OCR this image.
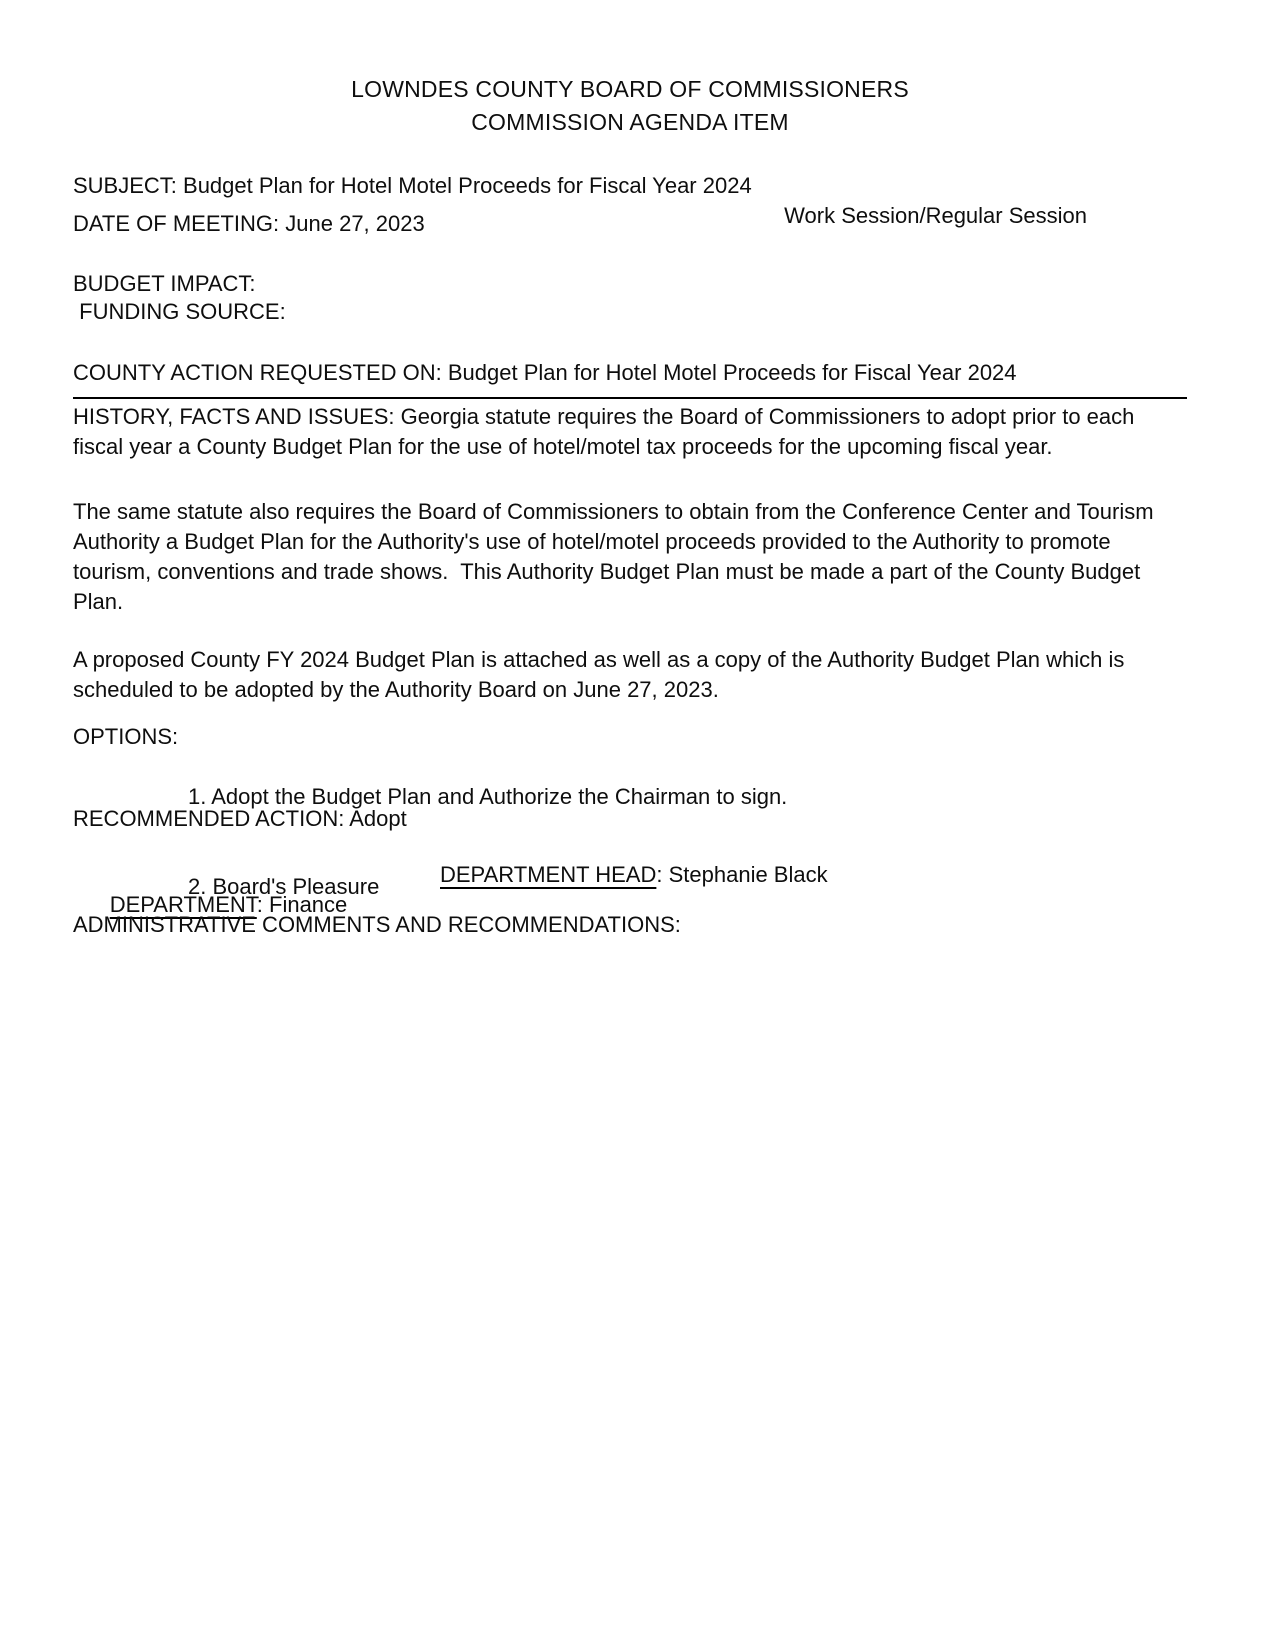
LOWNDES COUNTY BOARD OF COMMISSIONERS
COMMISSION AGENDA ITEM
SUBJECT: Budget Plan for Hotel Motel Proceeds for Fiscal Year 2024
DATE OF MEETING: June 27, 2023	Work Session/Regular Session
BUDGET IMPACT:
FUNDING SOURCE:
COUNTY ACTION REQUESTED ON: Budget Plan for Hotel Motel Proceeds for Fiscal Year 2024
HISTORY, FACTS AND ISSUES: Georgia statute requires the Board of Commissioners to adopt prior to each fiscal year a County Budget Plan for the use of hotel/motel tax proceeds for the upcoming fiscal year.
The same statute also requires the Board of Commissioners to obtain from the Conference Center and Tourism Authority a Budget Plan for the Authority's use of hotel/motel proceeds provided to the Authority to promote tourism, conventions and trade shows.  This Authority Budget Plan must be made a part of the County Budget Plan.
A proposed County FY 2024 Budget Plan is attached as well as a copy of the Authority Budget Plan which is scheduled to be adopted by the Authority Board on June 27, 2023.
OPTIONS:

1. Adopt the Budget Plan and Authorize the Chairman to sign.

2. Board's Pleasure

RECOMMENDED ACTION: Adopt

DEPARTMENT: Finance

DEPARTMENT HEAD: Stephanie Black

ADMINISTRATIVE COMMENTS AND RECOMMENDATIONS:
